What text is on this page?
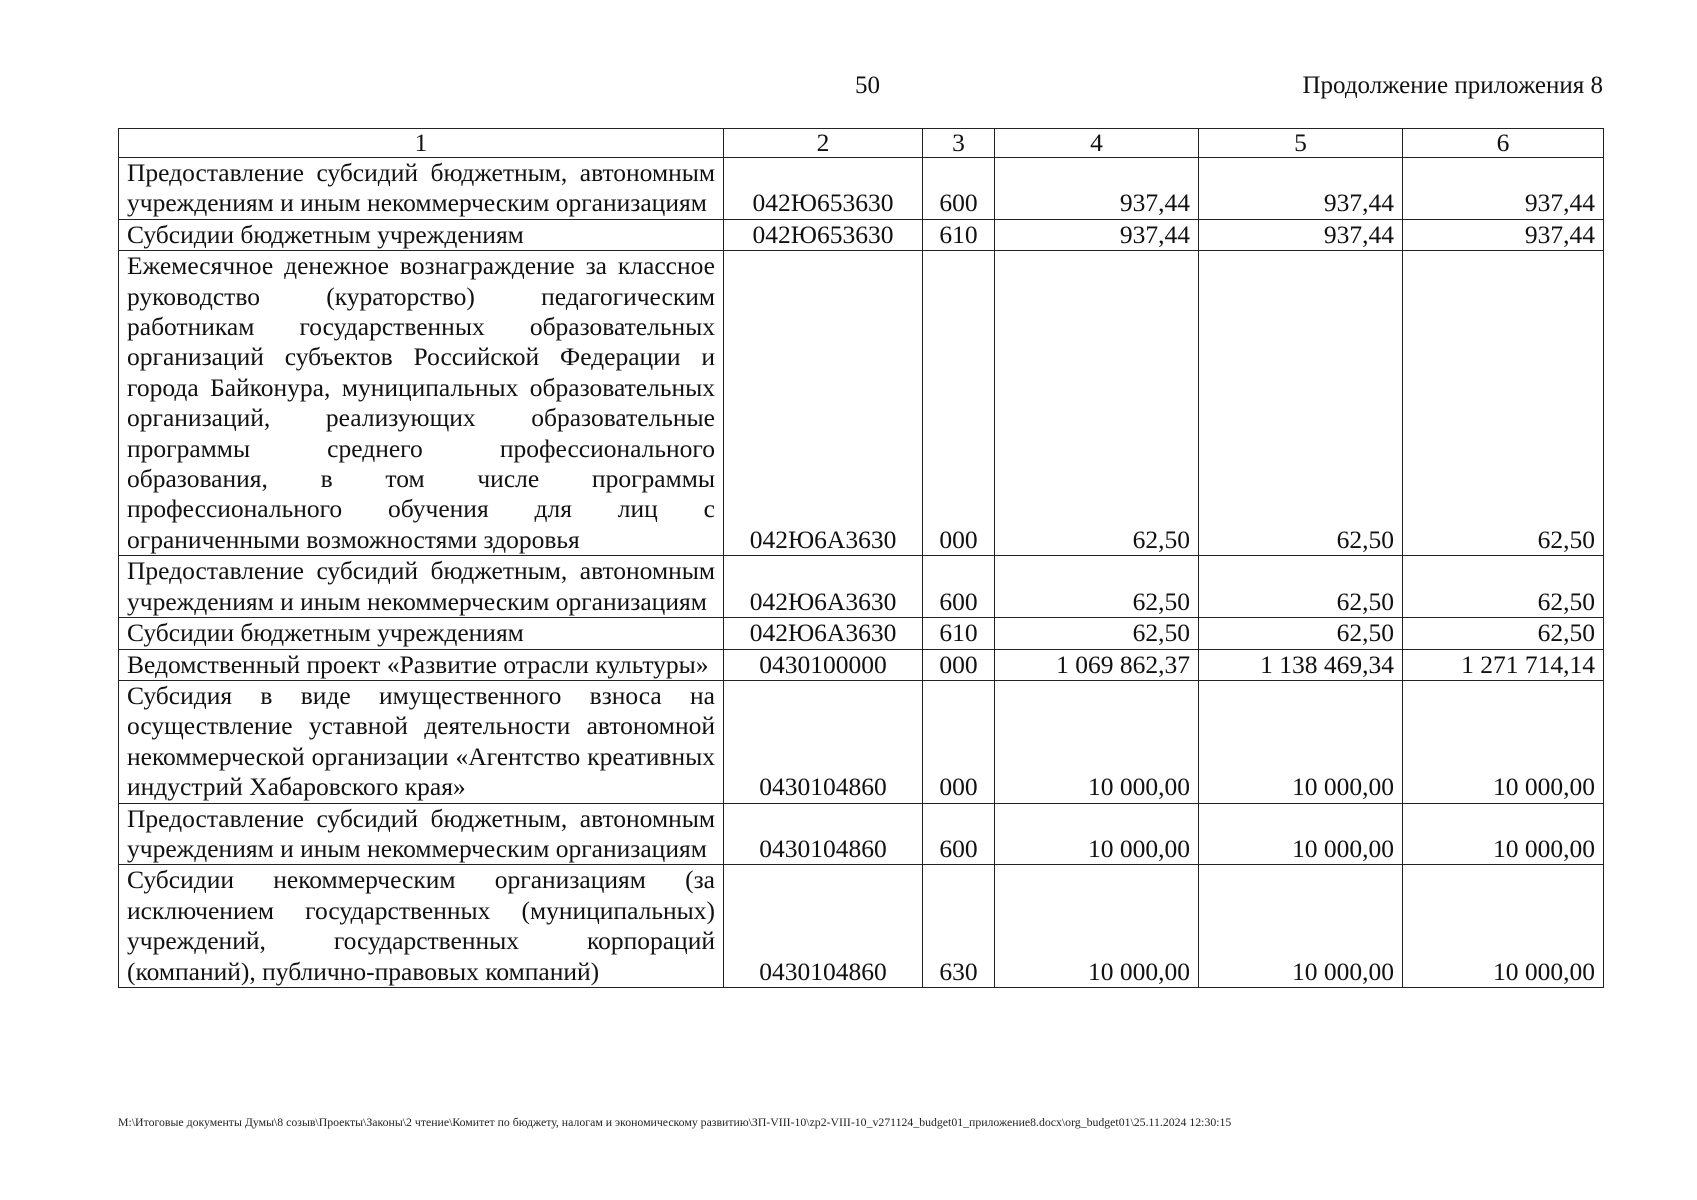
50	Продолжение приложения 8
1	2	3	4	5	6
Предоставление субсидий бюджетным, автономным учреждениям и иным некоммерческим организациям	042Ю653630	600	937,44	937,44	937,44
Субсидии бюджетным учреждениям	042Ю653630	610	937,44	937,44	937,44
Ежемесячное денежное вознаграждение за классное руководство (кураторство) педагогическим работникам государственных образовательных организаций субъектов Российской Федерации и города Байконура, муниципальных образовательных организаций, реализующих образовательные программы среднего профессионального образования, в том числе программы профессионального обучения для лиц с ограниченными возможностями здоровья	042Ю6А3630	000	62,50	62,50	62,50
Предоставление субсидий бюджетным, автономным учреждениям и иным некоммерческим организациям	042Ю6А3630	600	62,50	62,50	62,50
Субсидии бюджетным учреждениям	042Ю6А3630	610	62,50	62,50	62,50
Ведомственный проект «Развитие отрасли культуры»	0430100000	000	1 069 862,37	1 138 469,34	1 271 714,14
Субсидия в виде имущественного взноса на осуществление уставной деятельности автономной некоммерческой организации «Агентство креативных индустрий Хабаровского края»	0430104860	000	10 000,00	10 000,00	10 000,00
Предоставление субсидий бюджетным, автономным учреждениям и иным некоммерческим организациям	0430104860	600	10 000,00	10 000,00	10 000,00
Субсидии некоммерческим организациям (за исключением государственных (муниципальных) учреждений, государственных корпораций (компаний), публично-правовых компаний)	0430104860	630	10 000,00	10 000,00	10 000,00
M:\Итоговые документы Думы\8 созыв\Проекты\Законы\2 чтение\Комитет по бюджету, налогам и экономическому развитию\ЗП-VIII-10\zp2-VIII-10_v271124_budget01_приложение8.docx\org_budget01\25.11.2024 12:30:15
